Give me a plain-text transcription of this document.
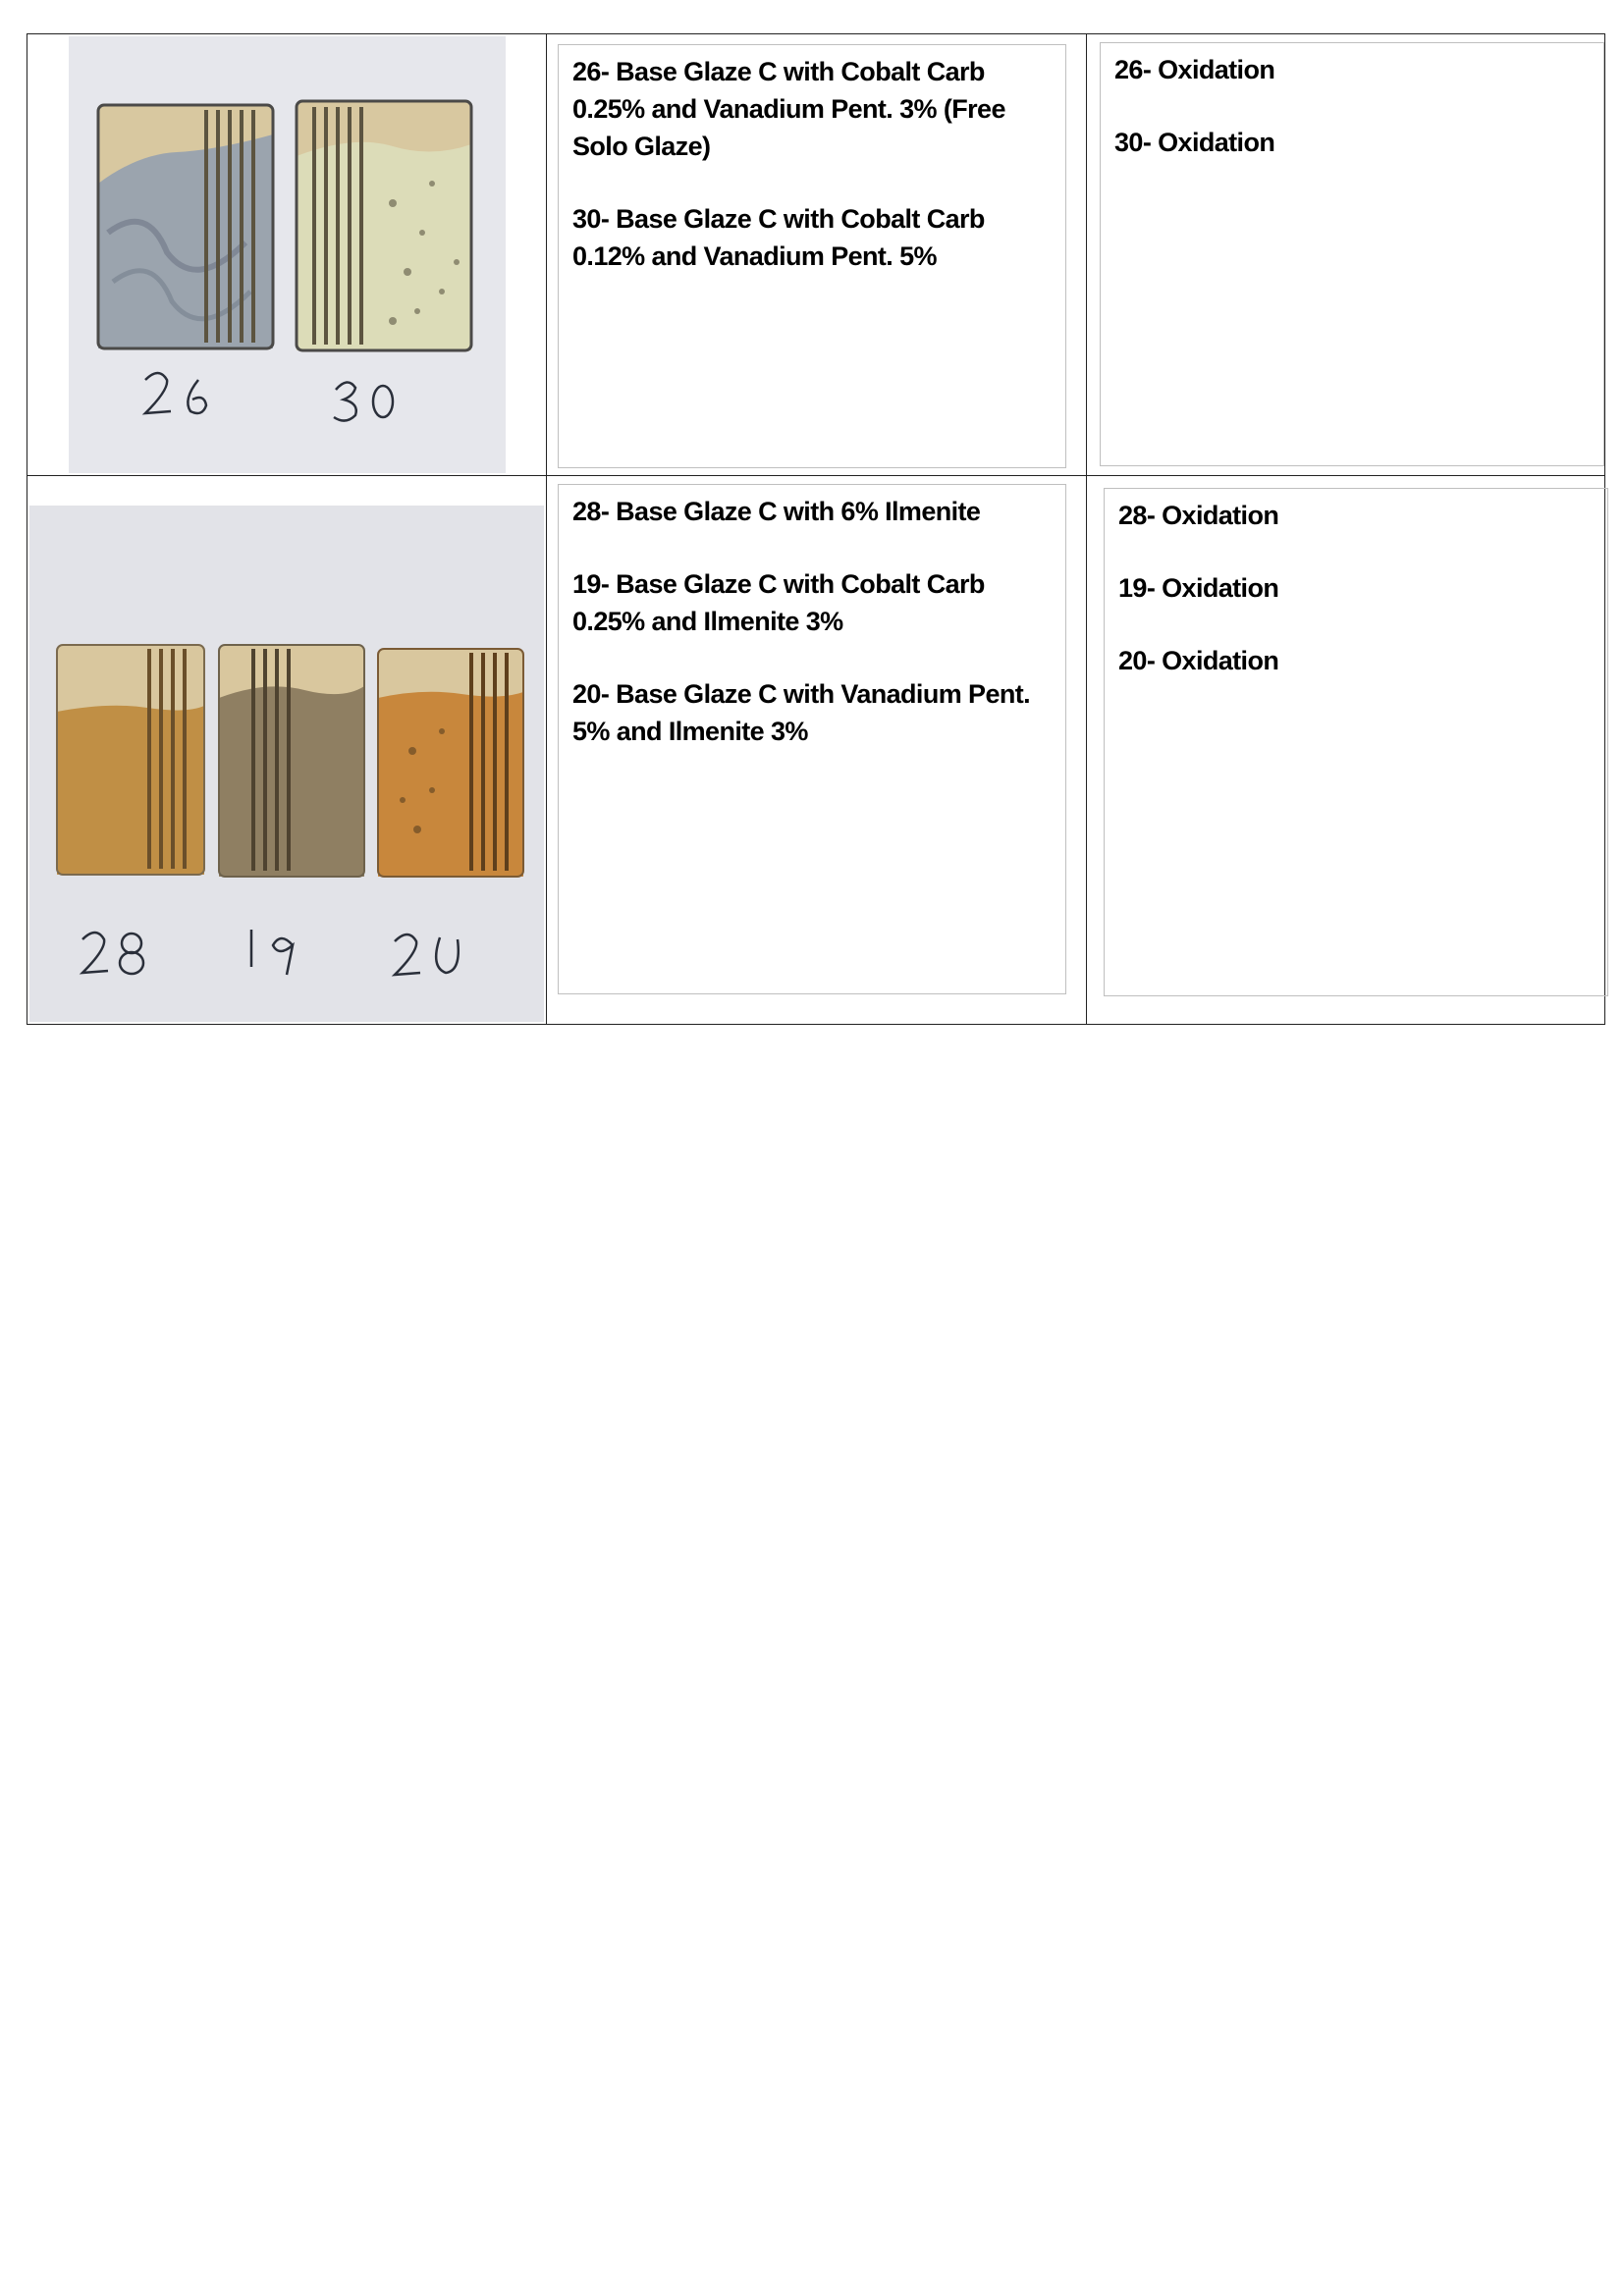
26- Base Glaze C with Cobalt Carb
0.25% and Vanadium Pent. 3% (Free
Solo Glaze)

30- Base Glaze C with Cobalt Carb
0.12% and Vanadium Pent. 5%

26- Oxidation

30- Oxidation

28- Base Glaze C with 6% Ilmenite

19- Base Glaze C with Cobalt Carb
0.25% and Ilmenite 3%

20- Base Glaze C with Vanadium Pent.
5% and Ilmenite 3%

28- Oxidation

19- Oxidation

20- Oxidation
